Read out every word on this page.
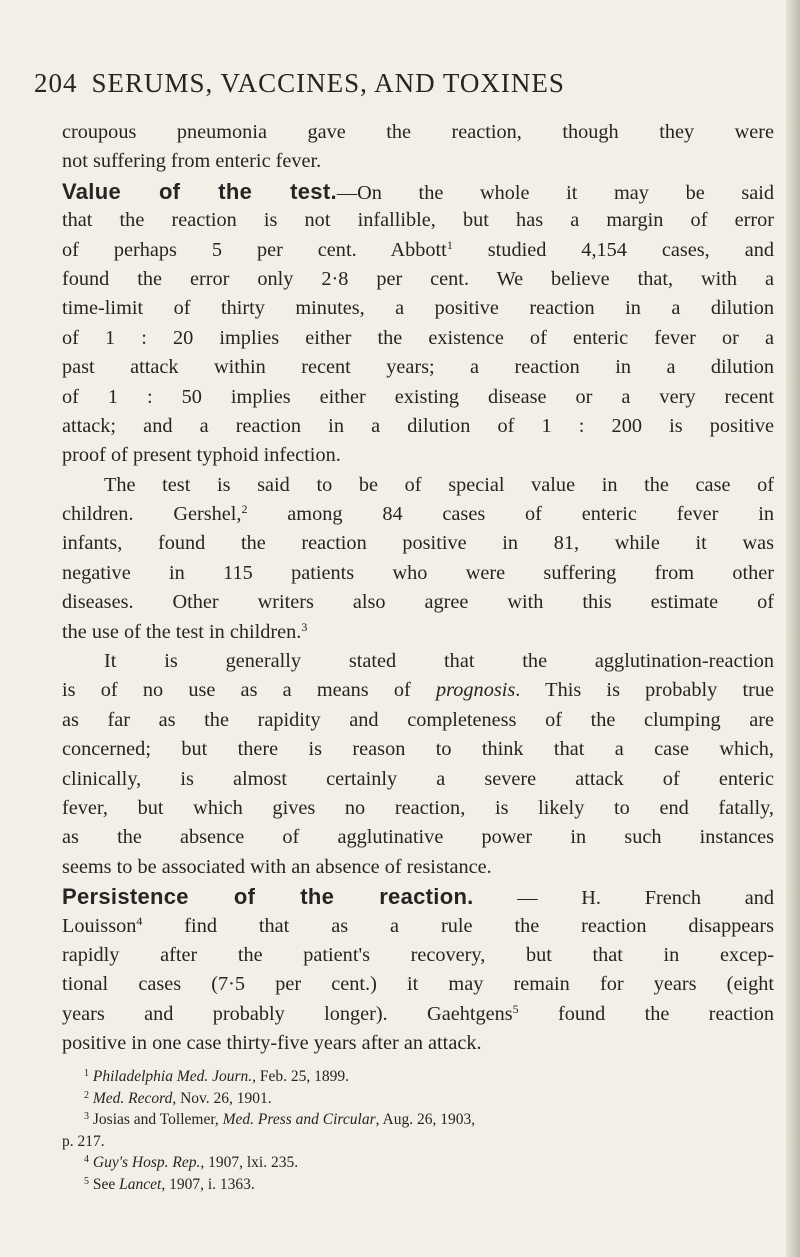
204 SERUMS, VACCINES, AND TOXINES
croupous pneumonia gave the reaction, though they were
not suffering from enteric fever.
Value of the test.—On the whole it may be said
that the reaction is not infallible, but has a margin of error
of perhaps 5 per cent. Abbott$^1$ studied 4,154 cases, and
found the error only 2·8 per cent. We believe that, with a
time-limit of thirty minutes, a positive reaction in a dilution
of 1 : 20 implies either the existence of enteric fever or a
past attack within recent years; a reaction in a dilution
of 1 : 50 implies either existing disease or a very recent
attack; and a reaction in a dilution of 1 : 200 is positive
proof of present typhoid infection.
The test is said to be of special value in the case of
children. Gershel,$^2$ among 84 cases of enteric fever in
infants, found the reaction positive in 81, while it was
negative in 115 patients who were suffering from other
diseases. Other writers also agree with this estimate of
the use of the test in children.$^3$
It is generally stated that the agglutination-reaction
is of no use as a means of prognosis. This is probably true
as far as the rapidity and completeness of the clumping are
concerned; but there is reason to think that a case which,
clinically, is almost certainly a severe attack of enteric
fever, but which gives no reaction, is likely to end fatally,
as the absence of agglutinative power in such instances
seems to be associated with an absence of resistance.
Persistence of the reaction. — H. French and
Louisson$^4$ find that as a rule the reaction disappears
rapidly after the patient's recovery, but that in excep-
tional cases (7·5 per cent.) it may remain for years (eight
years and probably longer). Gaehtgens$^5$ found the reaction
positive in one case thirty-five years after an attack.
$^1$ Philadelphia Med. Journ., Feb. 25, 1899.
$^2$ Med. Record, Nov. 26, 1901.
$^3$ Josias and Tollemer, Med. Press and Circular, Aug. 26, 1903,
p. 217.
$^4$ Guy's Hosp. Rep., 1907, lxi. 235.
$^5$ See Lancet, 1907, i. 1363.
